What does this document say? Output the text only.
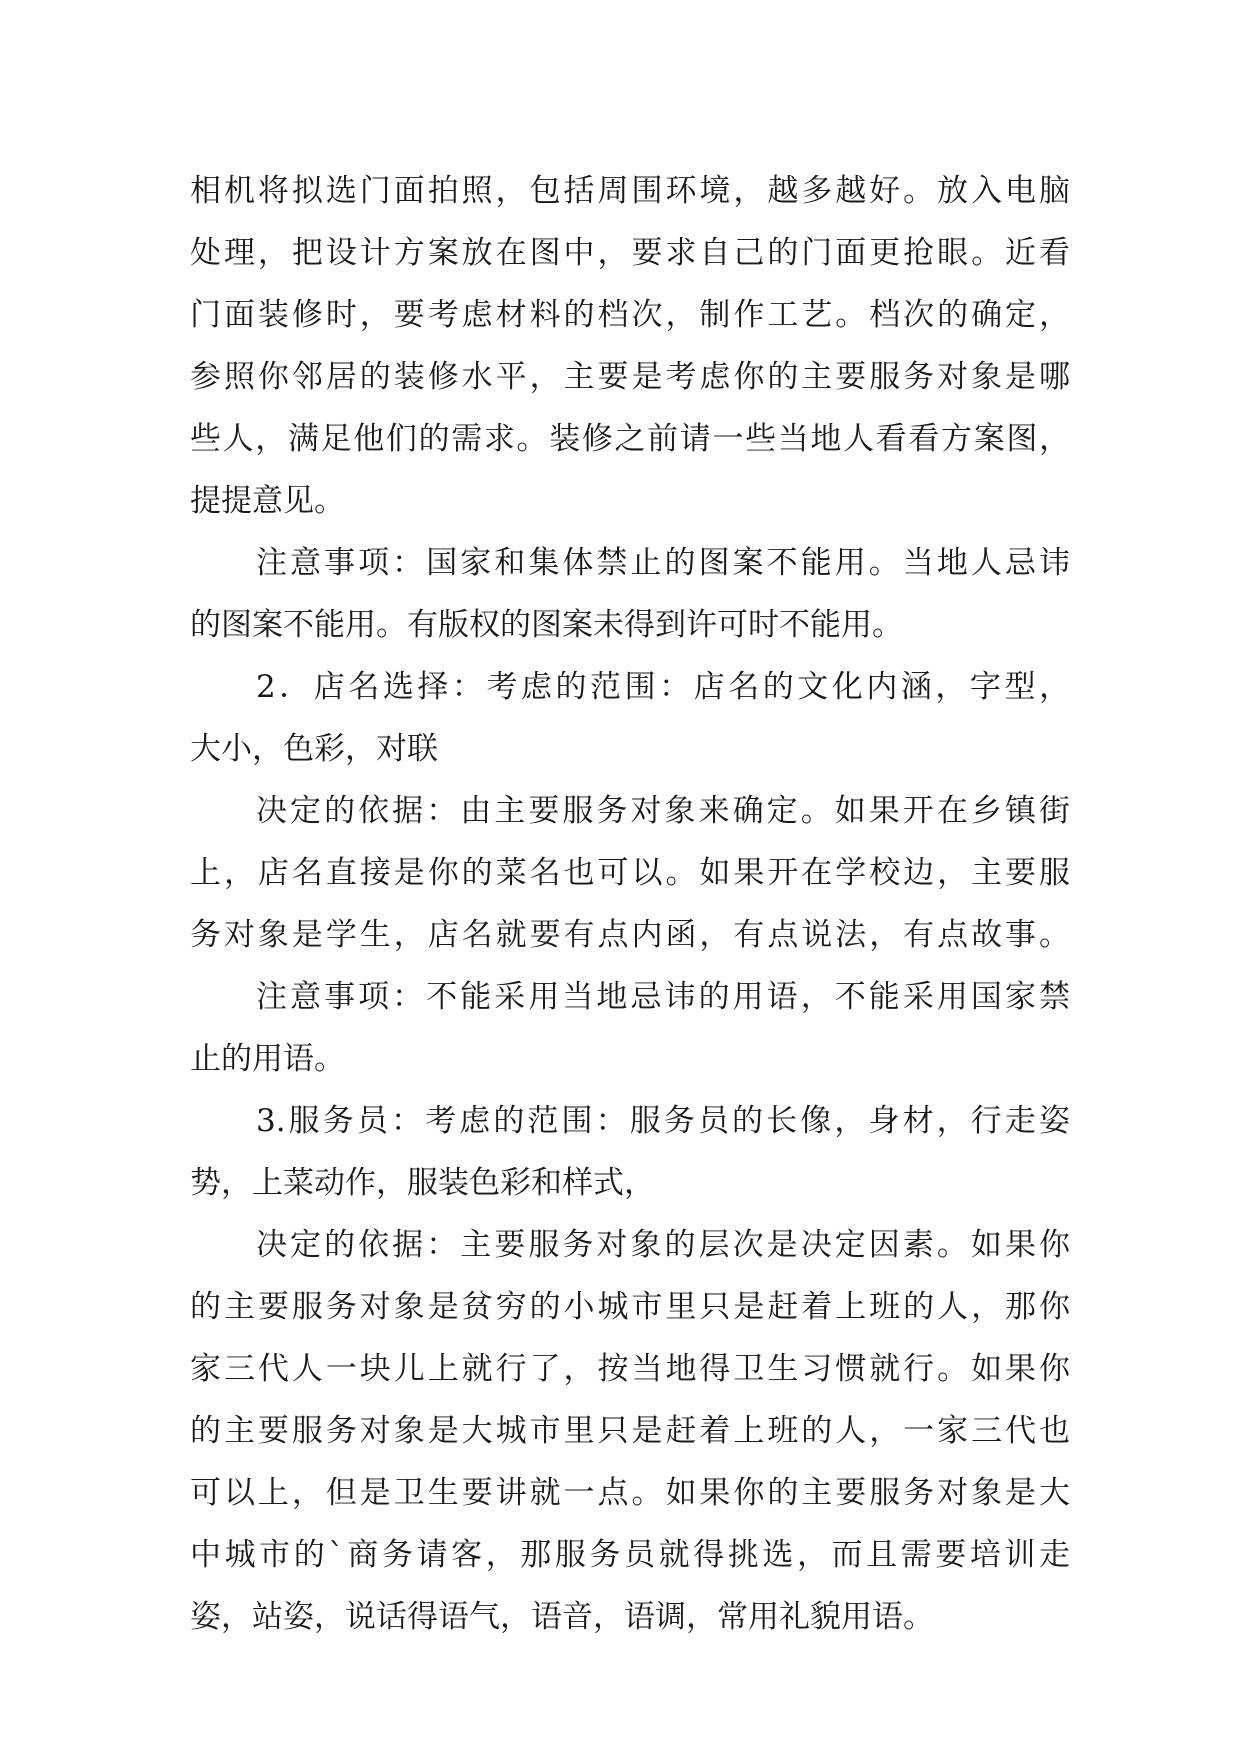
相机将拟选门面拍照，包括周围环境，越多越好。放入电脑
处理，把设计方案放在图中，要求自己的门面更抢眼。近看
门面装修时，要考虑材料的档次，制作工艺。档次的确定，
参照你邻居的装修水平，主要是考虑你的主要服务对象是哪
些人，满足他们的需求。装修之前请一些当地人看看方案图，
提提意见。
注意事项：国家和集体禁止的图案不能用。当地人忌讳
的图案不能用。有版权的图案未得到许可时不能用。
2．店名选择：考虑的范围：店名的文化内涵，字型，
大小，色彩，对联
决定的依据：由主要服务对象来确定。如果开在乡镇街
上，店名直接是你的菜名也可以。如果开在学校边，主要服
务对象是学生，店名就要有点内函，有点说法，有点故事。
注意事项：不能采用当地忌讳的用语，不能采用国家禁
止的用语。
3.服务员：考虑的范围：服务员的长像，身材，行走姿
势，上菜动作，服装色彩和样式，
决定的依据：主要服务对象的层次是决定因素。如果你
的主要服务对象是贫穷的小城市里只是赶着上班的人，那你
家三代人一块儿上就行了，按当地得卫生习惯就行。如果你
的主要服务对象是大城市里只是赶着上班的人，一家三代也
可以上，但是卫生要讲就一点。如果你的主要服务对象是大
中城市的`商务请客，那服务员就得挑选，而且需要培训走
姿，站姿，说话得语气，语音，语调，常用礼貌用语。
